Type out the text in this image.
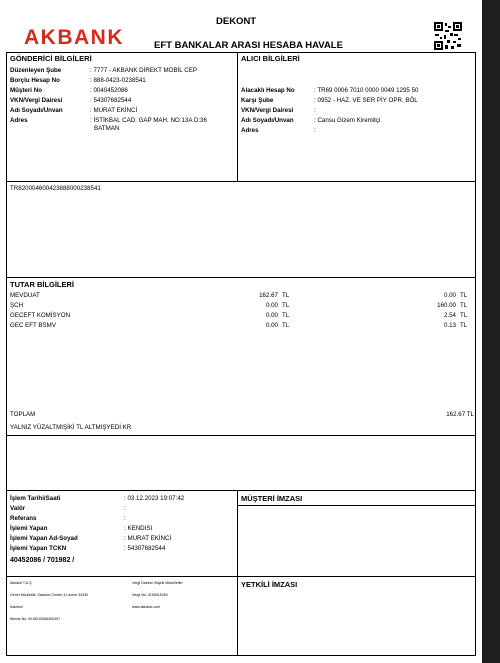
AKBANK
DEKONT
EFT BANKALAR ARASI HESABA HAVALE
GÖNDERİCİ BİLGİLERİ
Düzenleyen Şube	: 7777 - AKBANK DİREKT MOBİL CEP
Borçlu Hesap No	: 888-0423-0238541
Müşteri No	: 0040452086
VKN/Vergi Dairesi	: 54307682544
Adı Soyadı/Unvan	: MURAT EKİNCİ
Adres	: İSTİKBAL CAD. GAP MAH. NO:13A D:36
BATMAN
ALICI BİLGİLERİ
Alacaklı Hesap No	: TR69 0006 7010 0000 0049 1295 50
Karşı Şube	: 0952 - HAZ. VE SER PİY OPR. BÖL
VKN/Vergi Dairesi	:
Adı Soyadı/Unvan	: Cansu Gizem Kiremitçi
Adres	:
TR820004600423888000238541
TUTAR BİLGİLERİ
MEVDUAT	162.67 TL	0.00 TL
ŞCH	0.00 TL	160.00 TL
GECEFT KOMİSYON	0.00 TL	2.54 TL
GEC EFT BSMV	0.00 TL	0.13 TL
TOPLAM	162.67 TL
YALNIZ YÜZALTMIŞİKİ TL ALTMIŞYEDİ KR
İşlem Tarihi/Saati	: 03.12.2023 19:07:42
Valör	:
Referans	:
İşlemi Yapan	: KENDISI
İşlemi Yapan Ad-Soyad	: MURAT EKİNCİ
İşlemi Yapan TCKN	: 54307682544
40452086 / 701982 /
Akbank T.A.Ş.
Genel Müdürlük: Sabancı Center 4.Levent 34330
İstanbul
Mersis No: 0015015266400497
Vergi Dairesi: Büyük Mükellefler
Vergi No: 0150015264
www.akbank.com
MÜŞTERİ İMZASI
YETKİLİ İMZASI
